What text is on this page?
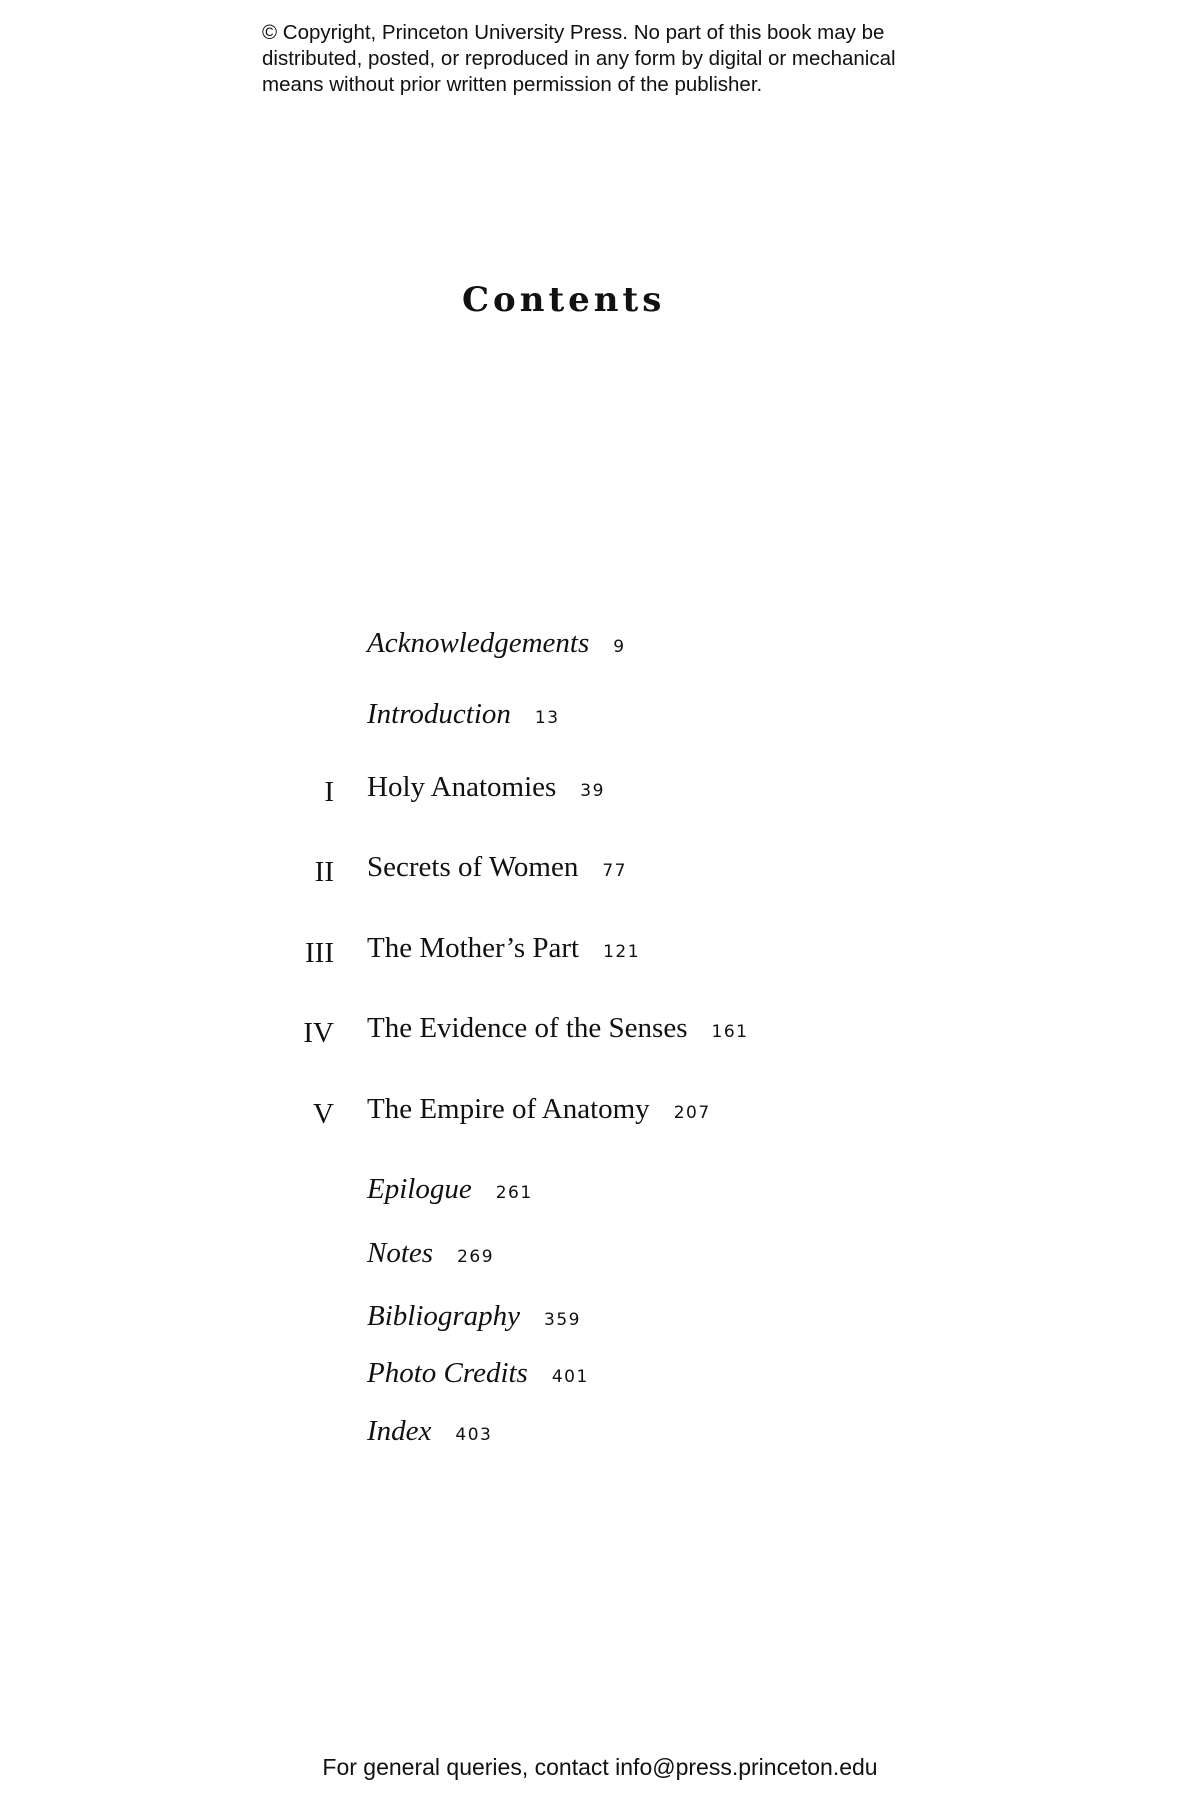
© Copyright, Princeton University Press. No part of this book may be
distributed, posted, or reproduced in any form by digital or mechanical
means without prior written permission of the publisher.
Contents
Acknowledgements 9
Introduction 13
I Holy Anatomies 39
II Secrets of Women 77
III The Mother’s Part 121
IV The Evidence of the Senses 161
V The Empire of Anatomy 207
Epilogue 261
Notes 269
Bibliography 359
Photo Credits 401
Index 403

For general queries, contact info@press.princeton.edu
